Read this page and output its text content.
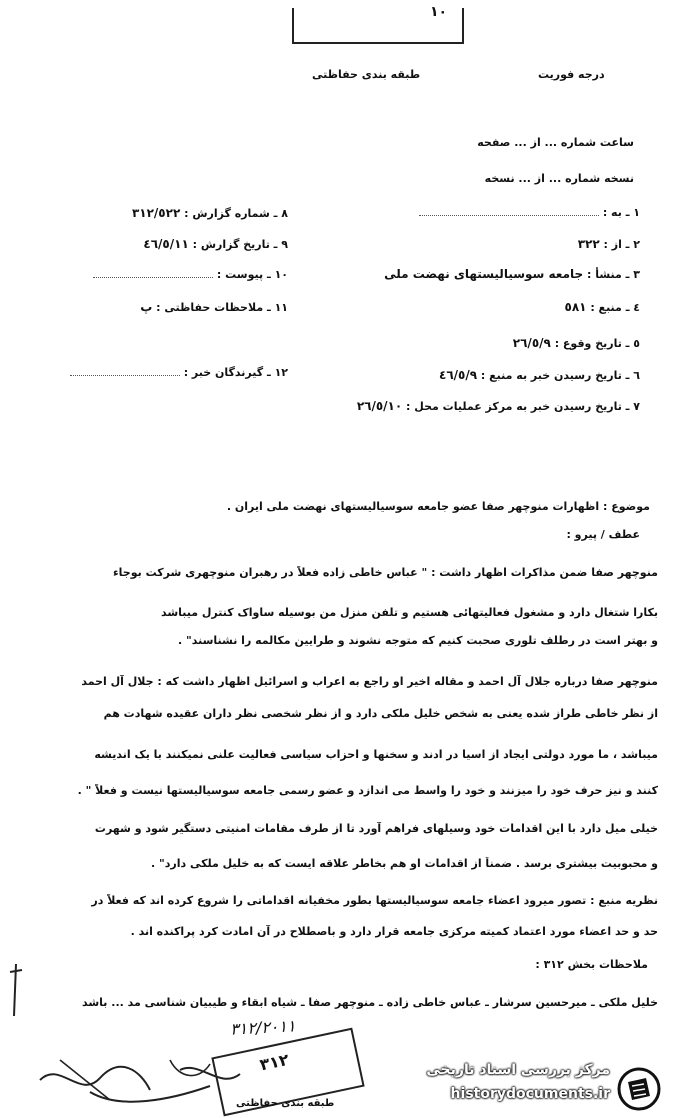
١٠
طبقه بندی حفاظتی	درجه فوریت
ساعت شماره ... از ... صفحه
نسخه شماره ... از ... نسخه
١ ـ به :
٢ ـ از : ٣٢٢
٣ ـ منشأ : جامعه سوسیالیستهای نهضت ملی
٤ ـ منبع : ٥٨١
٥ ـ تاریخ وقوع : ٢٦/٥/٩
٦ ـ تاریخ رسیدن خبر به منبع : ٤٦/٥/٩
٧ ـ تاریخ رسیدن خبر به مرکز عملیات محل : ٢٦/٥/١٠
٨ ـ شماره گزارش : ٣١٢/٥٢٢
٩ ـ تاریخ گزارش : ٤٦/٥/١١
١٠ ـ پیوست :
١١ ـ ملاحظات حفاظتی : پ
١٢ ـ گیرندگان خبر :
موضوع : اظهارات منوچهر صفا عضو جامعه سوسیالیستهای نهضت ملی ایران .
عطف / پیرو :
منوچهر صفا ضمن مذاکرات اظهار داشت : " عباس خاطی زاده فعلاً در رهبران منوچهری شرکت بوجاء
بکارا شتغال دارد و مشغول فعالیتهائی هستیم و تلفن منزل من بوسیله ساواک کنترل میباشد
و بهتر است در رطلف تلوری صحبت کنیم که متوجه نشوند و طرایین مکالمه را نشناسند" .
منوچهر صفا درباره جلال آل احمد و مقاله اخیر او راجع به اعراب و اسرائیل اظهار داشت که : جلال آل احمد
از نظر خاطی طراز شده یعنی به شخص خلیل ملکی دارد و از نظر شخصی نظر داران عقیده شهادت هم
میباشد ، ما مورد دولتی ایجاد از اسیا در ادند و سخنها و احزاب سیاسی فعالیت علنی نمیکنند با یک اندیشه
کنند و نیز حرف خود را میزنند و خود را واسط می اندازد و عضو رسمی جامعه سوسیالیستها نیست و فعلاً " .
خیلی میل دارد با این اقدامات خود وسیلهای فراهم آورد تا از طرف مقامات امنیتی دستگیر شود و شهرت
و محبوبیت بیشتری برسد . ضمناً از اقدامات او هم بخاطر علاقه ایست که به خلیل ملکی دارد" .
نظریه منبع : تصور میرود اعضاء جامعه سوسیالیستها بطور مخفیانه اقداماتی را شروع کرده اند که فعلاً در
حد و حد اعضاء مورد اعتماد کمیته مرکزی جامعه قرار دارد و باصطلاح در آن امادت کرد پراکنده اند .
ملاحظات بخش ٣١٢ :
خلیل ملکی ـ میرحسین سرشار ـ عباس خاطی زاده ـ منوچهر صفا ـ شیاه ابقاء و طیبیان شناسی مد ... باشد
٣١٢/٢٠١١
٣١٢
طبقه بندی حفاظتی
مرکز بررسی اسناد تاریخی
historydocuments.ir
